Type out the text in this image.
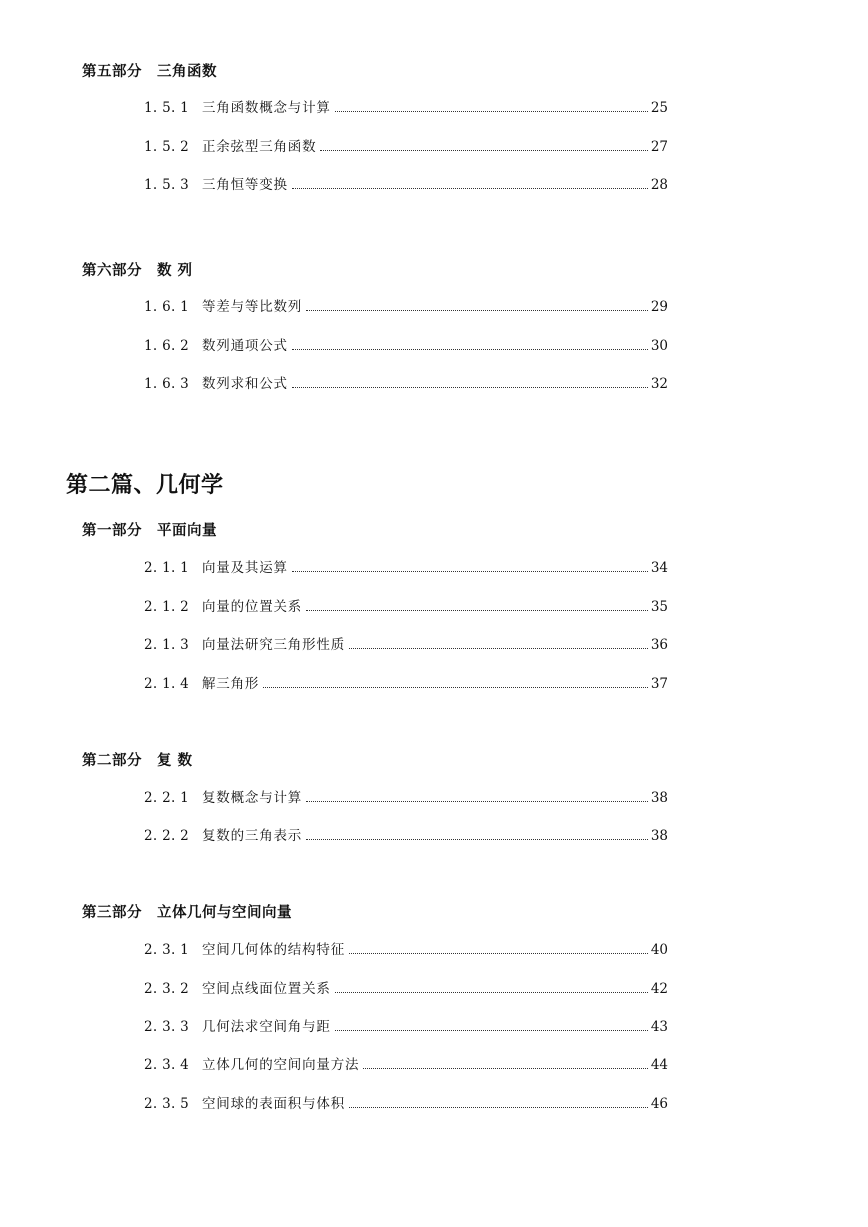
第五部分　三角函数
1. 5. 1 三角函数概念与计算	25
1. 5. 2 正余弦型三角函数	27
1. 5. 3 三角恒等变换	28
第六部分　数 列
1. 6. 1 等差与等比数列	29
1. 6. 2 数列通项公式	30
1. 6. 3 数列求和公式	32
第二篇、几何学
第一部分　平面向量
2. 1. 1 向量及其运算	34
2. 1. 2 向量的位置关系	35
2. 1. 3 向量法研究三角形性质	36
2. 1. 4 解三角形	37
第二部分　复 数
2. 2. 1 复数概念与计算	38
2. 2. 2 复数的三角表示	38
第三部分　立体几何与空间向量
2. 3. 1 空间几何体的结构特征	40
2. 3. 2 空间点线面位置关系	42
2. 3. 3 几何法求空间角与距	43
2. 3. 4 立体几何的空间向量方法	44
2. 3. 5 空间球的表面积与体积	46
